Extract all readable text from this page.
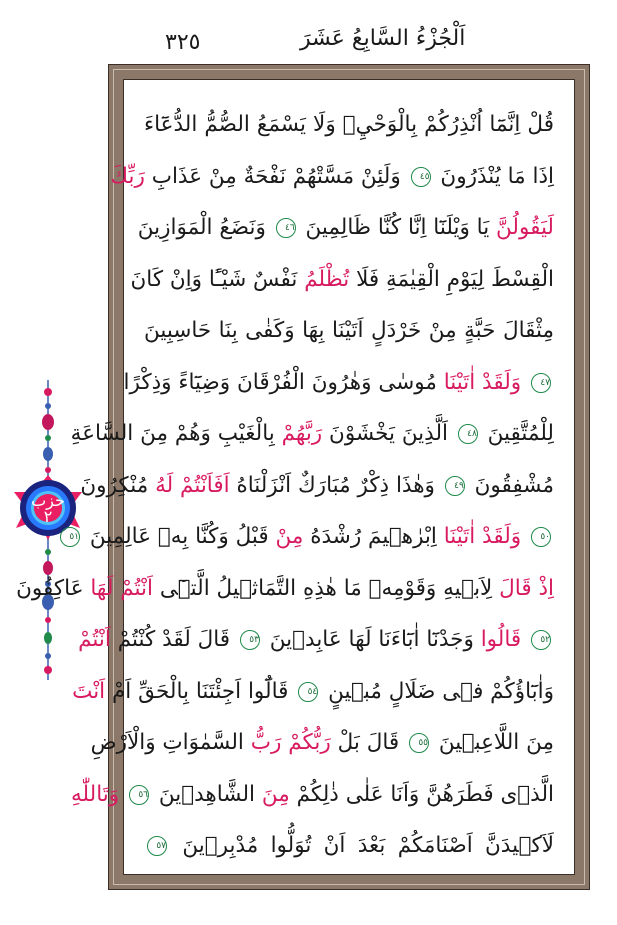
٣٢٥	اَلْجُزْءُ السَّابِعُ عَشَرَ
حزب
٢
قُلْ اِنَّمَٓا اُنْذِرُكُمْ بِالْوَحْيِۘ وَلَا يَسْمَعُ الصُّمُّ الدُّعَٓاءَ
اِذَا مَا يُنْذَرُونَ ٤٥ وَلَئِنْ مَسَّتْهُمْ نَفْحَةٌ مِنْ عَذَابِ رَبِّكَ
لَيَقُولُنَّ يَا وَيْلَنَٓا اِنَّا كُنَّا ظَالِمِينَ ٤٦ وَنَضَعُ الْمَوَازِينَ
الْقِسْطَ لِيَوْمِ الْقِيٰمَةِ فَلَا تُظْلَمُ نَفْسٌ شَيْـًٔا وَاِنْ كَانَ
مِثْقَالَ حَبَّةٍ مِنْ خَرْدَلٍ اَتَيْنَا بِهَا وَكَفٰى بِنَا حَاسِبِينَ
٤٧ وَلَقَدْ اٰتَيْنَا مُوسٰى وَهٰرُونَ الْفُرْقَانَ وَضِيَٓاءً وَذِكْرًا
لِلْمُتَّقِينَ ٤٨ اَلَّذِينَ يَخْشَوْنَ رَبَّهُمْ بِالْغَيْبِ وَهُمْ مِنَ السَّاعَةِ
مُشْفِقُونَ ٤٩ وَهٰذَا ذِكْرٌ مُبَارَكٌ اَنْزَلْنَاهُ اَفَاَنْتُمْ لَهُ مُنْكِرُونَ
٥٠ وَلَقَدْ اٰتَيْنَا اِبْرٰهٖيمَ رُشْدَهُ مِنْ قَبْلُ وَكُنَّا بِهٖ عَالِمِينَ ٥١
اِذْ قَالَ لِاَبٖيهِ وَقَوْمِهٖ مَا هٰذِهِ التَّمَاثٖيلُ الَّتٖٓى اَنْتُمْ لَهَا عَاكِفُونَ
٥٢ قَالُوا وَجَدْنَٓا اٰبَٓاءَنَا لَهَا عَابِدٖينَ ٥٣ قَالَ لَقَدْ كُنْتُمْ اَنْتُمْ
وَاٰبَٓاؤُكُمْ فٖى ضَلَالٍ مُبٖينٍ ٥٤ قَالُٓوا اَجِئْتَنَا بِالْحَقِّ اَمْ اَنْتَ
مِنَ اللَّاعِبٖينَ ٥٥ قَالَ بَلْ رَبُّكُمْ رَبُّ السَّمٰوَاتِ وَالْاَرْضِ
الَّذٖى فَطَرَهُنَّ وَاَنَا عَلٰى ذٰلِكُمْ مِنَ الشَّاهِدٖينَ ٥٦ وَتَاللّٰهِ
لَاَكٖيدَنَّ اَصْنَامَكُمْ بَعْدَ اَنْ تُوَلُّوا مُدْبِرٖينَ ٥٧
